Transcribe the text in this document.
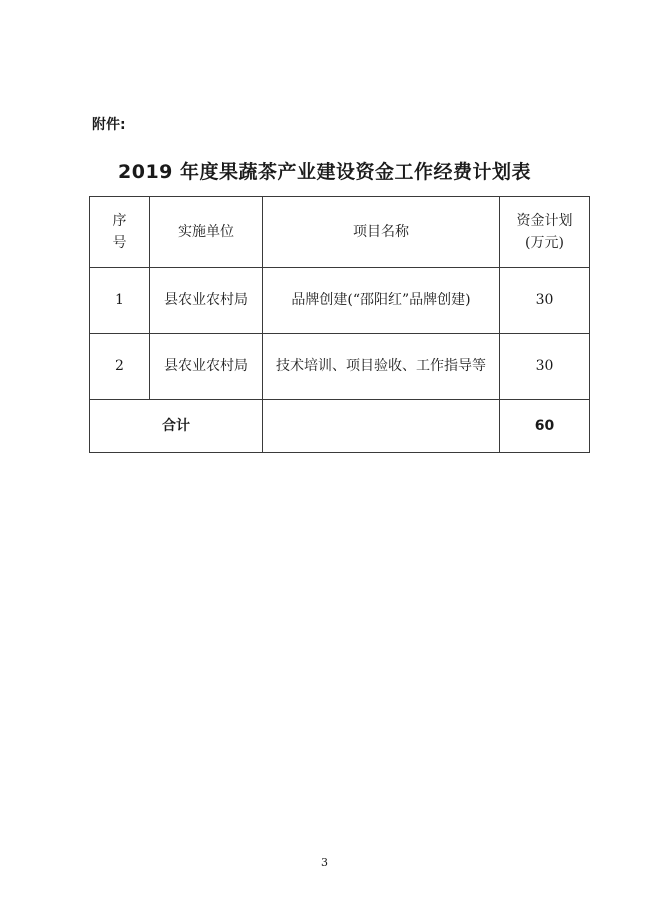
附件:
2019 年度果蔬茶产业建设资金工作经费计划表
序
号	实施单位	项目名称	资金计划
(万元)

1	县农业农村局	品牌创建(“邵阳红”品牌创建)	30
2	县农业农村局	技术培训、项目验收、工作指导等	30
合计			60
3
